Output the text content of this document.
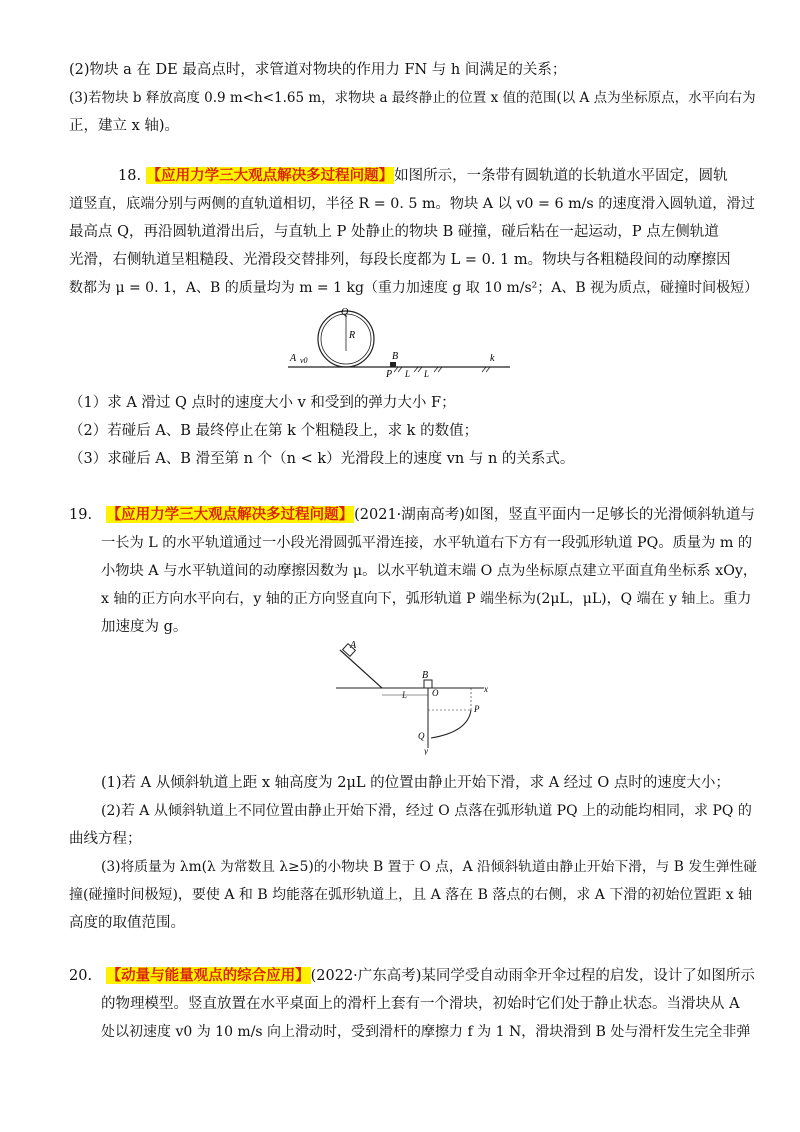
(2)物块 a 在 DE 最高点时，求管道对物块的作用力 FN 与 h 间满足的关系；
(3)若物块 b 释放高度 0.9 m<h<1.65 m，求物块 a 最终静止的位置 x 值的范围(以 A 点为坐标原点，水平向右为
正，建立 x 轴)。
18. 【应用力学三大观点解决多过程问题】如图所示，一条带有圆轨道的长轨道水平固定，圆轨
道竖直，底端分别与两侧的直轨道相切，半径 R = 0. 5 m。物块 A 以 v0 = 6 m/s 的速度滑入圆轨道，滑过
最高点 Q，再沿圆轨道滑出后，与直轨上 P 处静止的物块 B 碰撞，碰后粘在一起运动，P 点左侧轨道
光滑，右侧轨道呈粗糙段、光滑段交替排列，每段长度都为 L = 0. 1 m。物块与各粗糙段间的动摩擦因
数都为 μ = 0. 1，A、B 的质量均为 m = 1 kg（重力加速度 g 取 10 m/s²；A、B 视为质点，碰撞时间极短）
Q
R
A v0	B
P L L
k
（1）求 A 滑过 Q 点时的速度大小 v 和受到的弹力大小 F；
（2）若碰后 A、B 最终停止在第 k 个粗糙段上，求 k 的数值；
（3）求碰后 A、B 滑至第 n 个（n < k）光滑段上的速度 vn 与 n 的关系式。
19. 【应用力学三大观点解决多过程问题】(2021·湖南高考)如图，竖直平面内一足够长的光滑倾斜轨道与
一长为 L 的水平轨道通过一小段光滑圆弧平滑连接，水平轨道右下方有一段弧形轨道 PQ。质量为 m 的
小物块 A 与水平轨道间的动摩擦因数为 μ。以水平轨道末端 O 点为坐标原点建立平面直角坐标系 xOy，
x 轴的正方向水平向右，y 轴的正方向竖直向下，弧形轨道 P 端坐标为(2μL，μL)，Q 端在 y 轴上。重力
加速度为 g。
A
x
B
O
L
y
P
Q
(1)若 A 从倾斜轨道上距 x 轴高度为 2μL 的位置由静止开始下滑，求 A 经过 O 点时的速度大小；
(2)若 A 从倾斜轨道上不同位置由静止开始下滑，经过 O 点落在弧形轨道 PQ 上的动能均相同，求 PQ 的
曲线方程；
(3)将质量为 λm(λ 为常数且 λ≥5)的小物块 B 置于 O 点，A 沿倾斜轨道由静止开始下滑，与 B 发生弹性碰
撞(碰撞时间极短)，要使 A 和 B 均能落在弧形轨道上，且 A 落在 B 落点的右侧，求 A 下滑的初始位置距 x 轴
高度的取值范围。
20. 【动量与能量观点的综合应用】(2022·广东高考)某同学受自动雨伞开伞过程的启发，设计了如图所示
的物理模型。竖直放置在水平桌面上的滑杆上套有一个滑块，初始时它们处于静止状态。当滑块从 A
处以初速度 v0 为 10 m/s 向上滑动时，受到滑杆的摩擦力 f 为 1 N，滑块滑到 B 处与滑杆发生完全非弹
